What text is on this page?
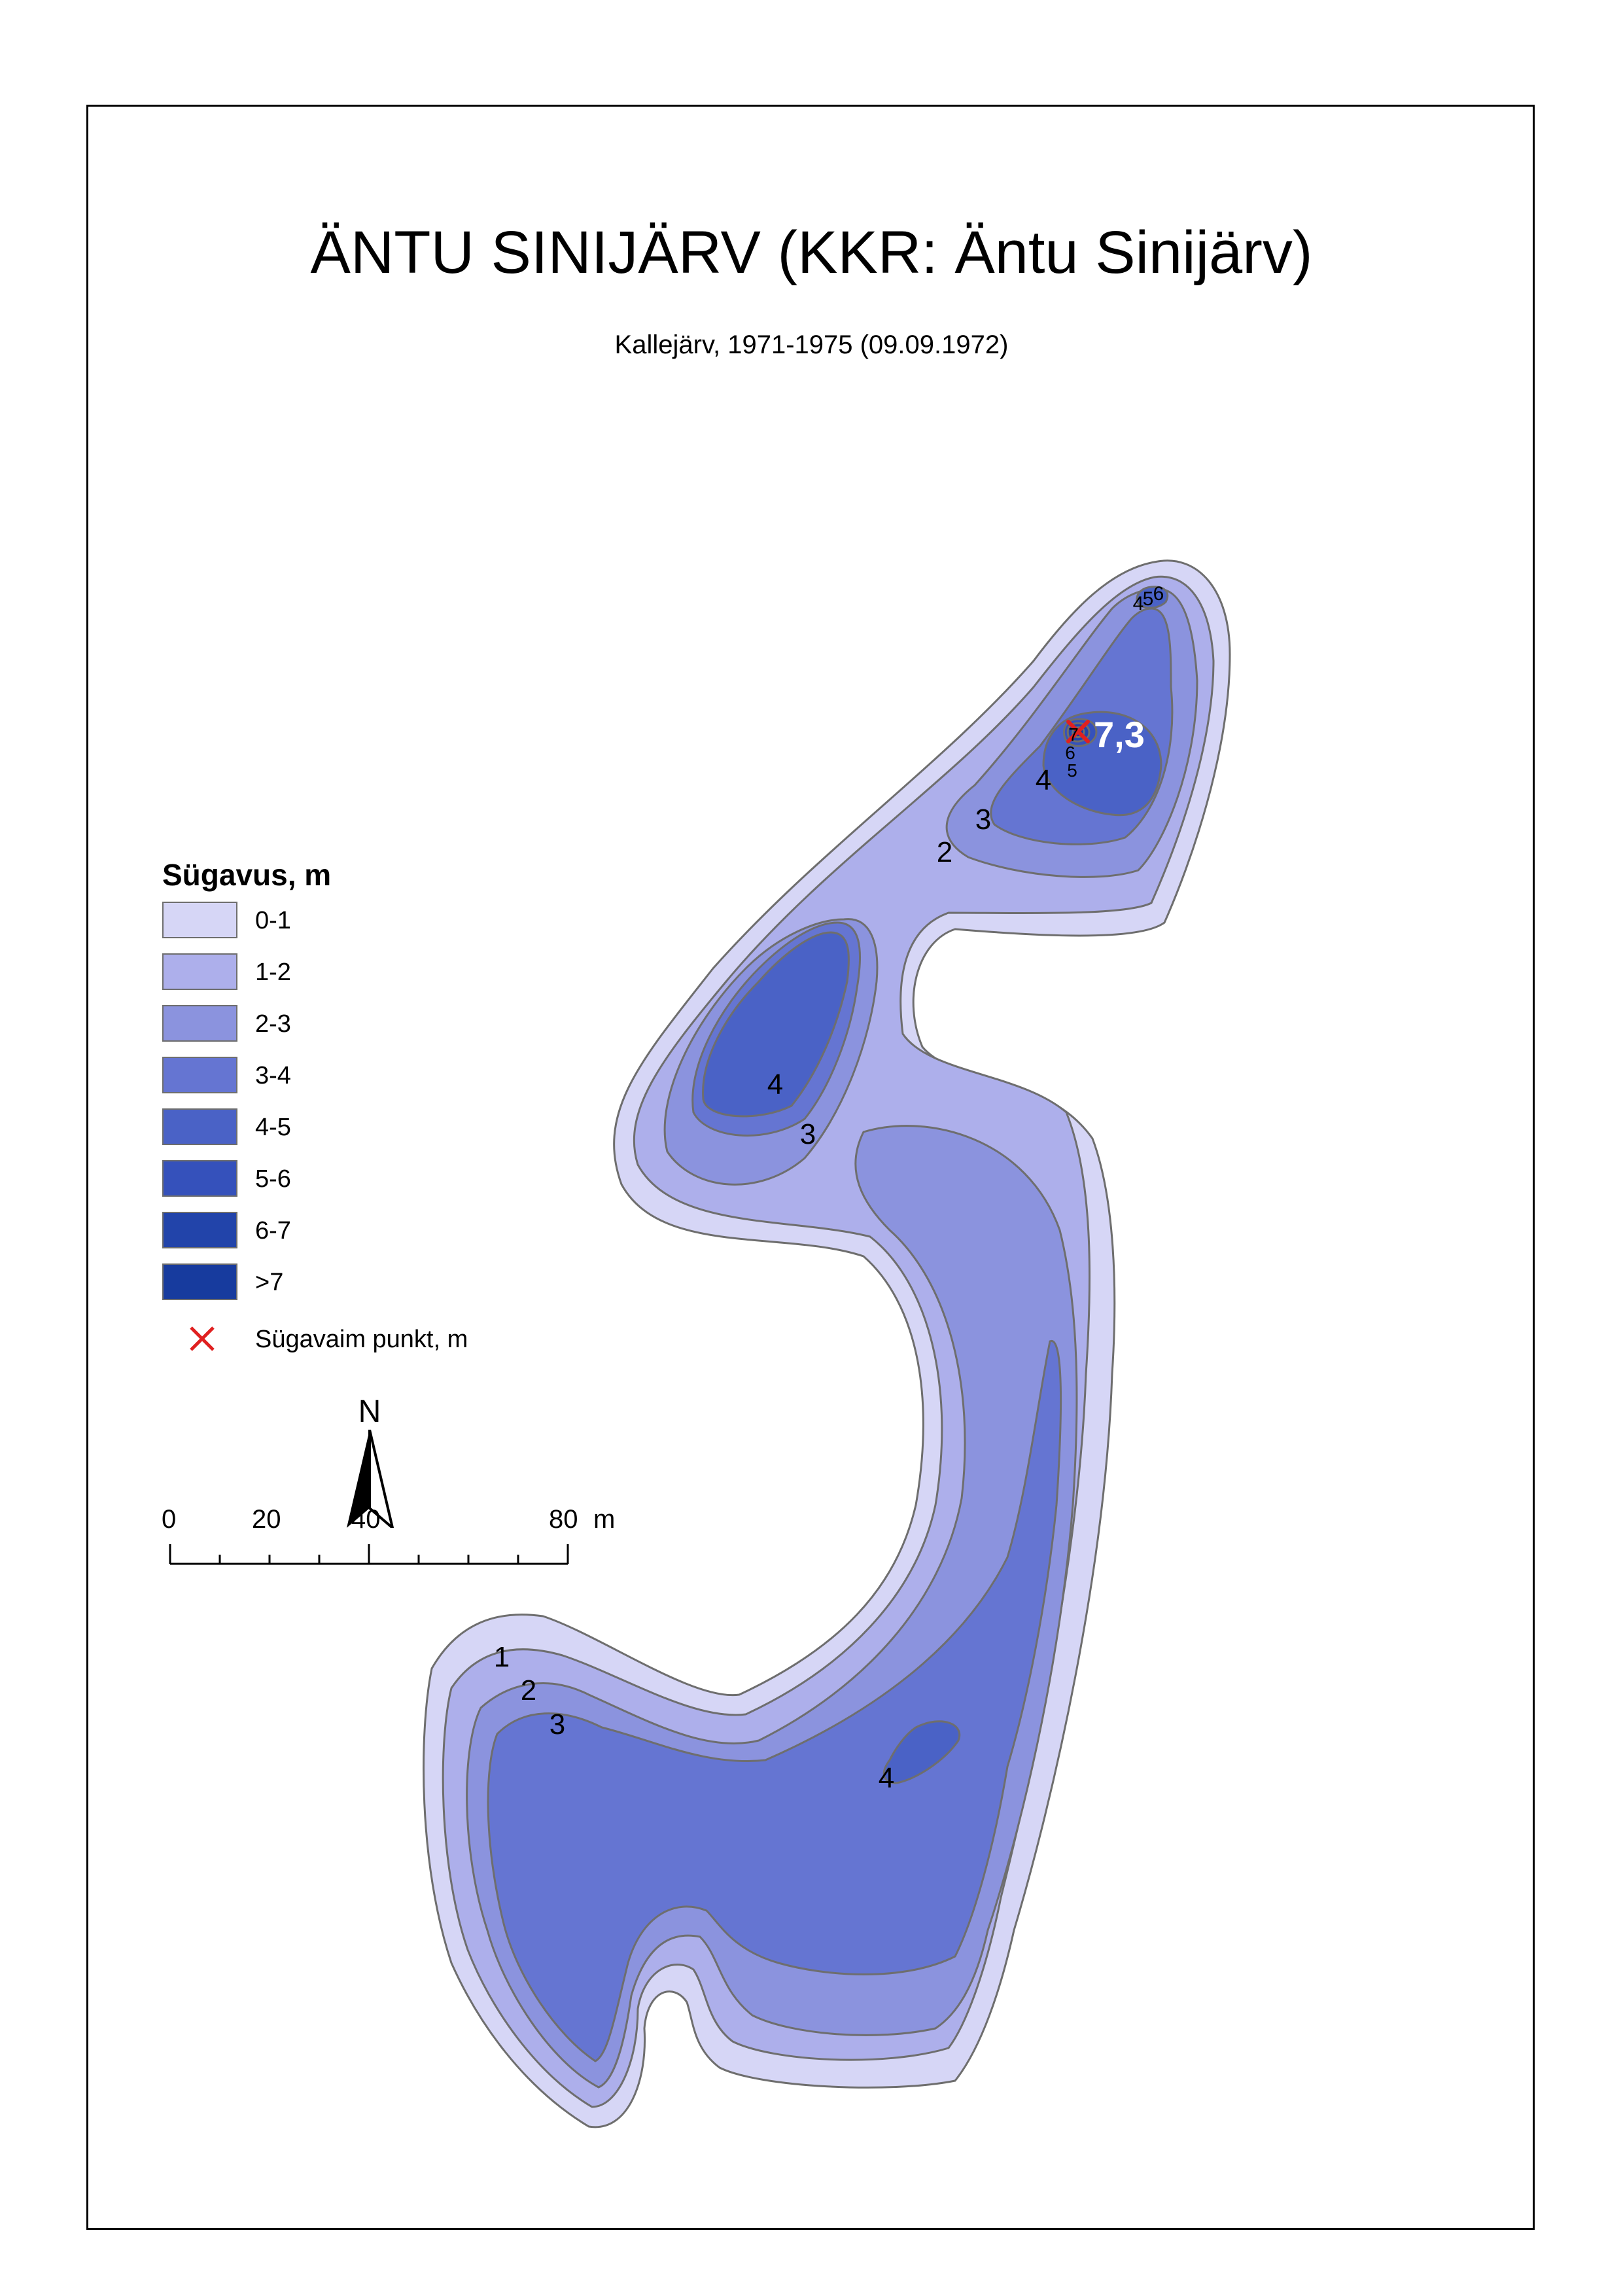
ÄNTU SINIJÄRV (KKR: Äntu Sinijärv)
Kallejärv, 1971-1975 (09.09.1972)
7,3
6
5
4
7
6
5
4
3
2
4
3
1
2
3
4
Sügavus, m
0-1
1-2
2-3
3-4
4-5
5-6
6-7
>7
Sügavaim punkt, m
N
0	20	40	80 m
